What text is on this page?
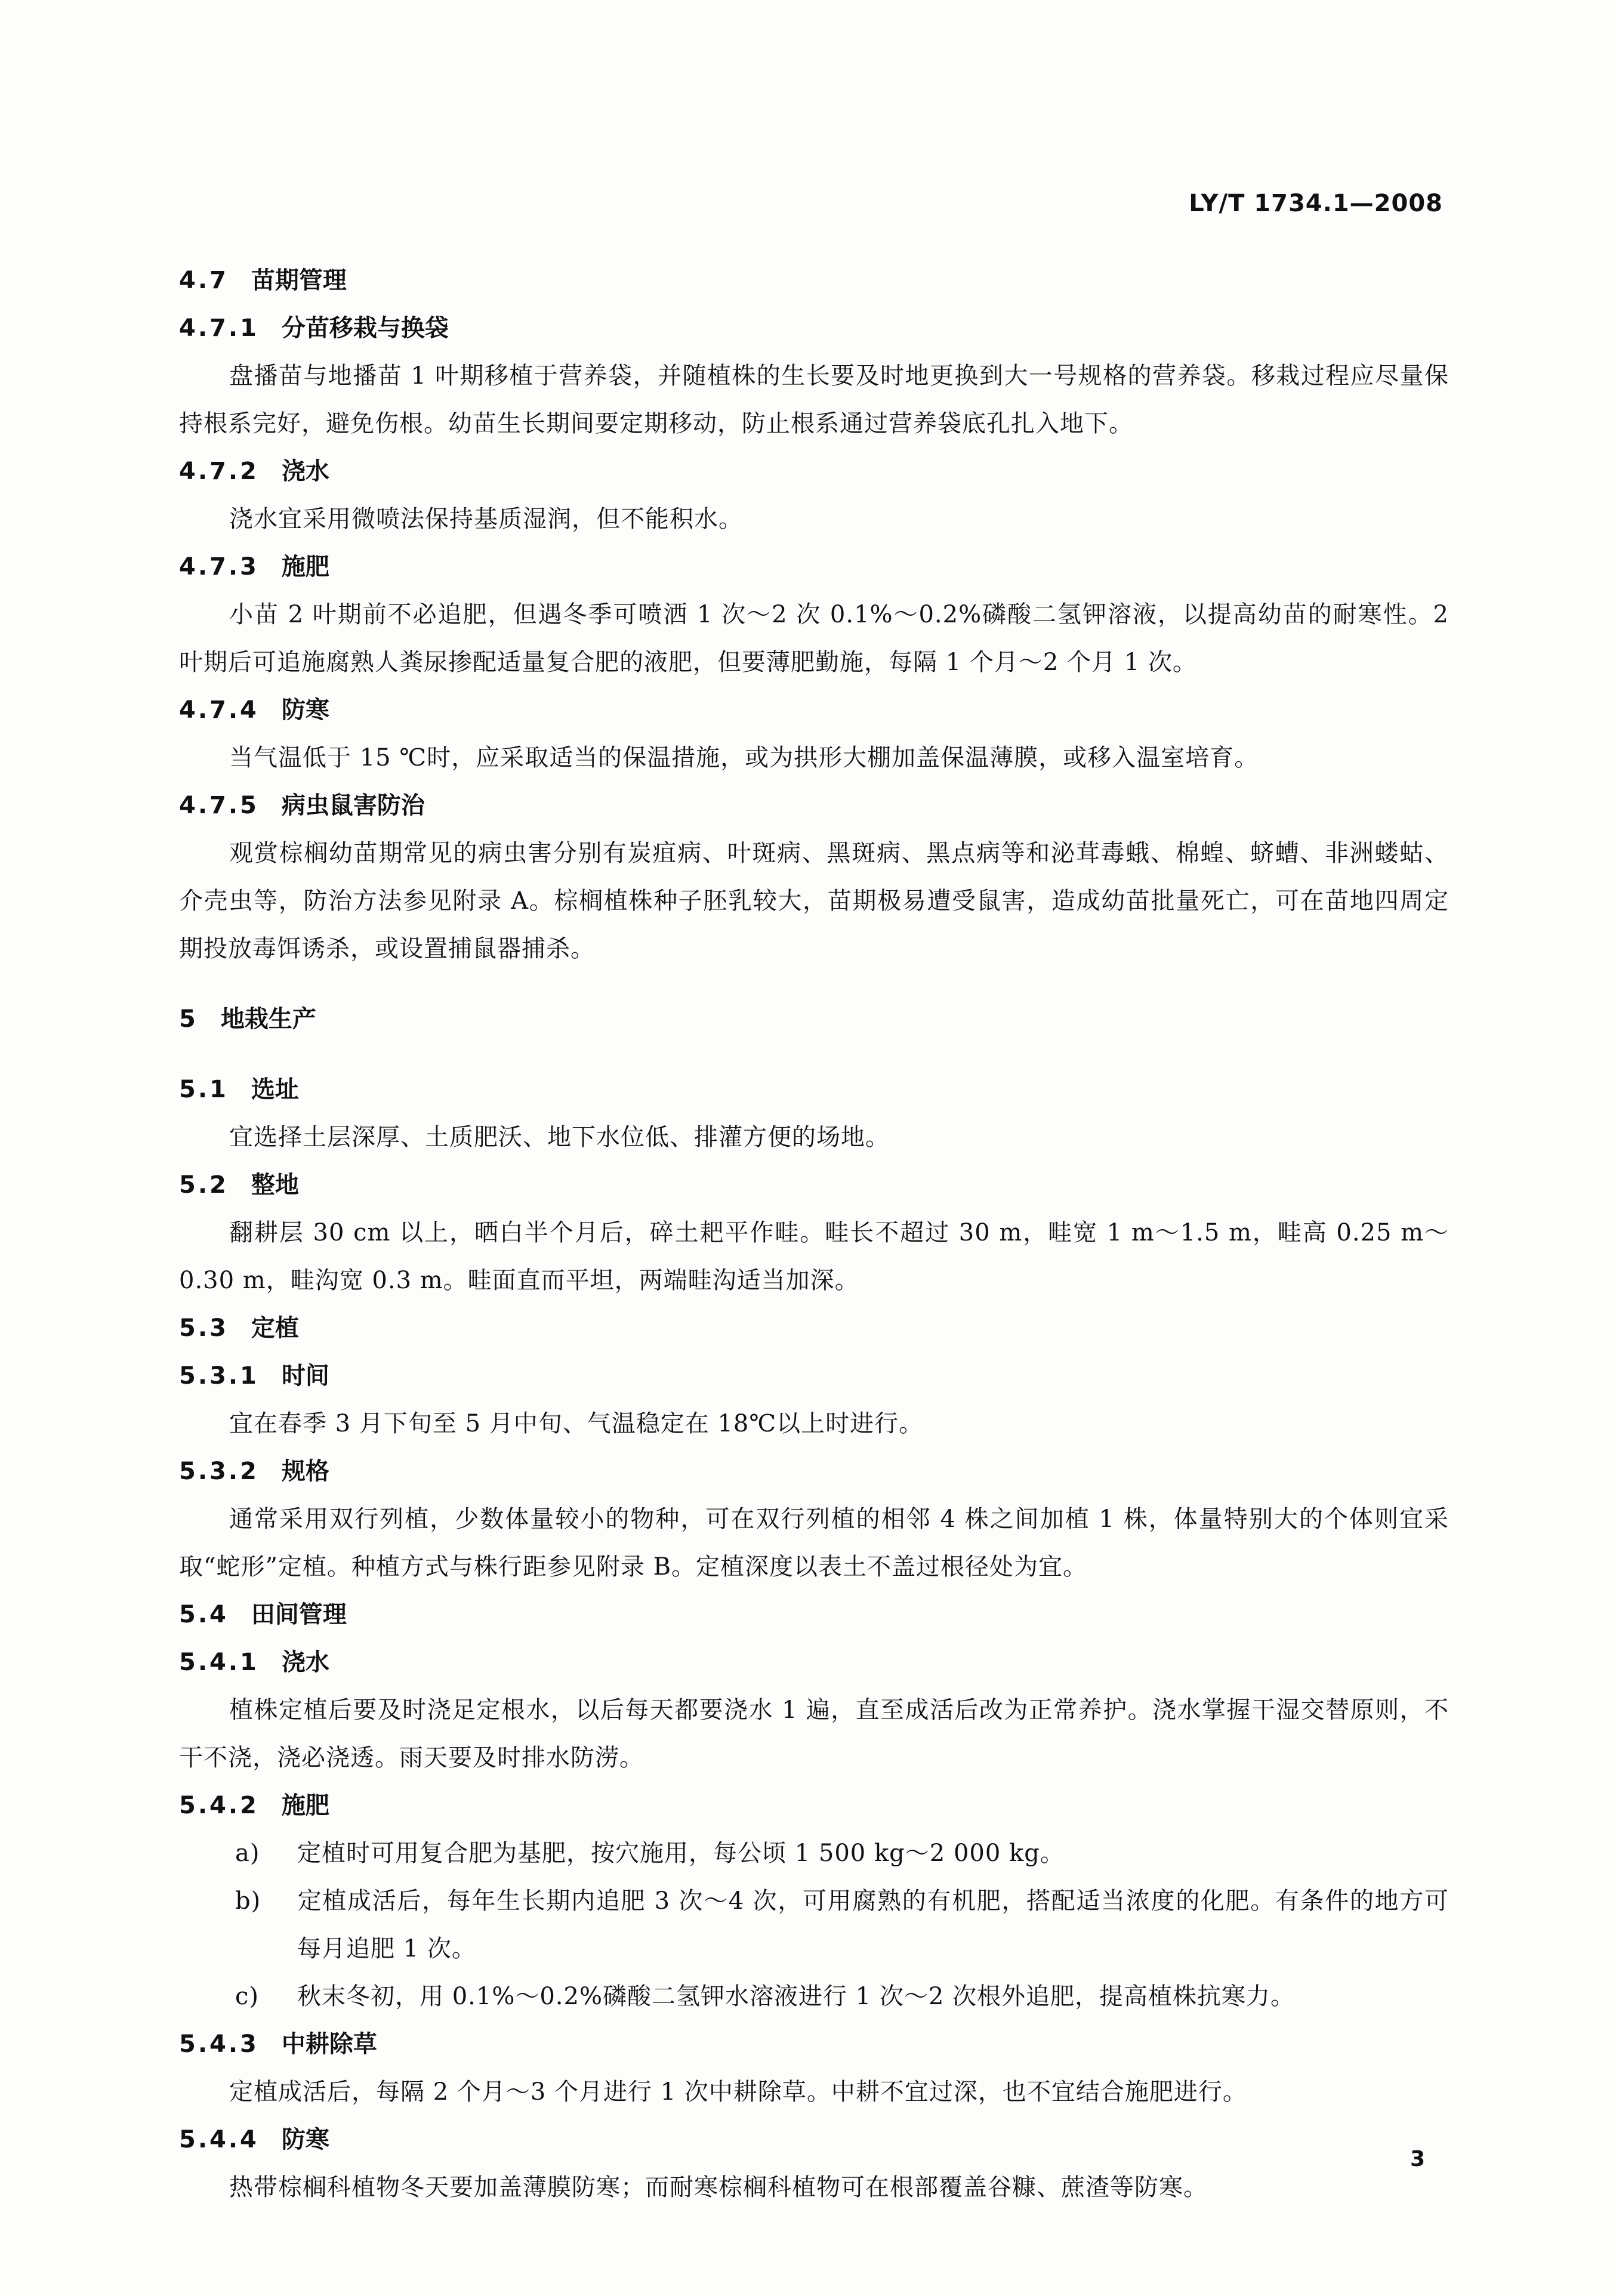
LY/T 1734.1—2008
4.7 苗期管理
4.7.1 分苗移栽与换袋
盘播苗与地播苗 1 叶期移植于营养袋，并随植株的生长要及时地更换到大一号规格的营养袋。移栽过程应尽量保持根系完好，避免伤根。幼苗生长期间要定期移动，防止根系通过营养袋底孔扎入地下。
4.7.2 浇水
浇水宜采用微喷法保持基质湿润，但不能积水。
4.7.3 施肥
小苗 2 叶期前不必追肥，但遇冬季可喷洒 1 次～2 次 0.1%～0.2%磷酸二氢钾溶液，以提高幼苗的耐寒性。2 叶期后可追施腐熟人粪尿掺配适量复合肥的液肥，但要薄肥勤施，每隔 1 个月～2 个月 1 次。
4.7.4 防寒
当气温低于 15 ℃时，应采取适当的保温措施，或为拱形大棚加盖保温薄膜，或移入温室培育。
4.7.5 病虫鼠害防治
观赏棕榈幼苗期常见的病虫害分别有炭疽病、叶斑病、黑斑病、黑点病等和泌茸毒蛾、棉蝗、蛴螬、非洲蝼蛄、介壳虫等，防治方法参见附录 A。棕榈植株种子胚乳较大，苗期极易遭受鼠害，造成幼苗批量死亡，可在苗地四周定期投放毒饵诱杀，或设置捕鼠器捕杀。
5 地栽生产
5.1 选址
宜选择土层深厚、土质肥沃、地下水位低、排灌方便的场地。
5.2 整地
翻耕层 30 cm 以上，晒白半个月后，碎土耙平作畦。畦长不超过 30 m，畦宽 1 m～1.5 m，畦高 0.25 m～0.30 m，畦沟宽 0.3 m。畦面直而平坦，两端畦沟适当加深。
5.3 定植
5.3.1 时间
宜在春季 3 月下旬至 5 月中旬、气温稳定在 18℃以上时进行。
5.3.2 规格
通常采用双行列植，少数体量较小的物种，可在双行列植的相邻 4 株之间加植 1 株，体量特别大的个体则宜采取“蛇形”定植。种植方式与株行距参见附录 B。定植深度以表土不盖过根径处为宜。
5.4 田间管理
5.4.1 浇水
植株定植后要及时浇足定根水，以后每天都要浇水 1 遍，直至成活后改为正常养护。浇水掌握干湿交替原则，不干不浇，浇必浇透。雨天要及时排水防涝。
5.4.2 施肥
a) 定植时可用复合肥为基肥，按穴施用，每公顷 1 500 kg～2 000 kg。
b) 定植成活后，每年生长期内追肥 3 次～4 次，可用腐熟的有机肥，搭配适当浓度的化肥。有条件的地方可每月追肥 1 次。
c) 秋末冬初，用 0.1%～0.2%磷酸二氢钾水溶液进行 1 次～2 次根外追肥，提高植株抗寒力。
5.4.3 中耕除草
定植成活后，每隔 2 个月～3 个月进行 1 次中耕除草。中耕不宜过深，也不宜结合施肥进行。
5.4.4 防寒
热带棕榈科植物冬天要加盖薄膜防寒；而耐寒棕榈科植物可在根部覆盖谷糠、蔗渣等防寒。
3
